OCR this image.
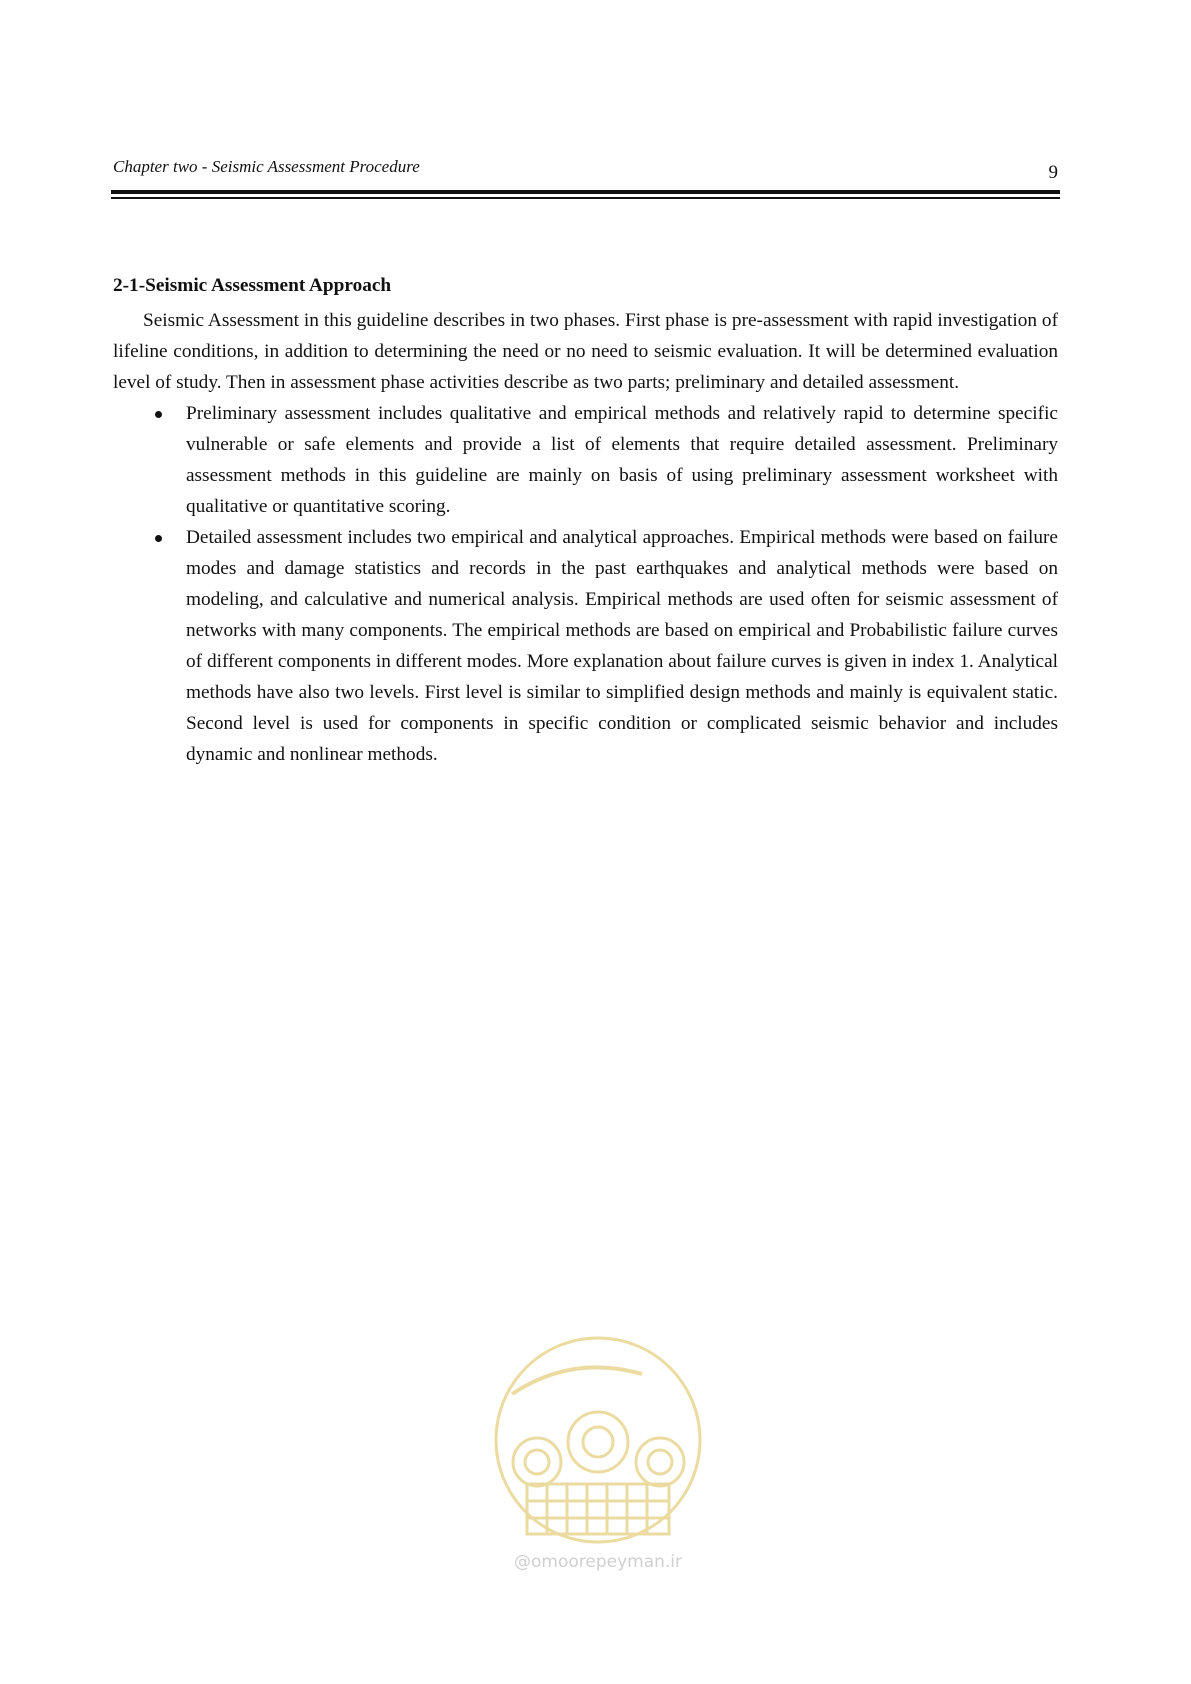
Chapter two - Seismic Assessment Procedure	9
2-1-Seismic Assessment Approach

Seismic Assessment in this guideline describes in two phases. First phase is pre-assessment with rapid investigation of lifeline conditions, in addition to determining the need or no need to seismic evaluation. It will be determined evaluation level of study. Then in assessment phase activities describe as two parts; preliminary and detailed assessment.

Preliminary assessment includes qualitative and empirical methods and relatively rapid to determine specific vulnerable or safe elements and provide a list of elements that require detailed assessment. Preliminary assessment methods in this guideline are mainly on basis of using preliminary assessment worksheet with qualitative or quantitative scoring.
Detailed assessment includes two empirical and analytical approaches. Empirical methods were based on failure modes and damage statistics and records in the past earthquakes and analytical methods were based on modeling, and calculative and numerical analysis. Empirical methods are used often for seismic assessment of networks with many components. The empirical methods are based on empirical and Probabilistic failure curves of different components in different modes. More explanation about failure curves is given in index 1. Analytical methods have also two levels. First level is similar to simplified design methods and mainly is equivalent static. Second level is used for components in specific condition or complicated seismic behavior and includes dynamic and nonlinear methods.
@omoorepeyman.ir
